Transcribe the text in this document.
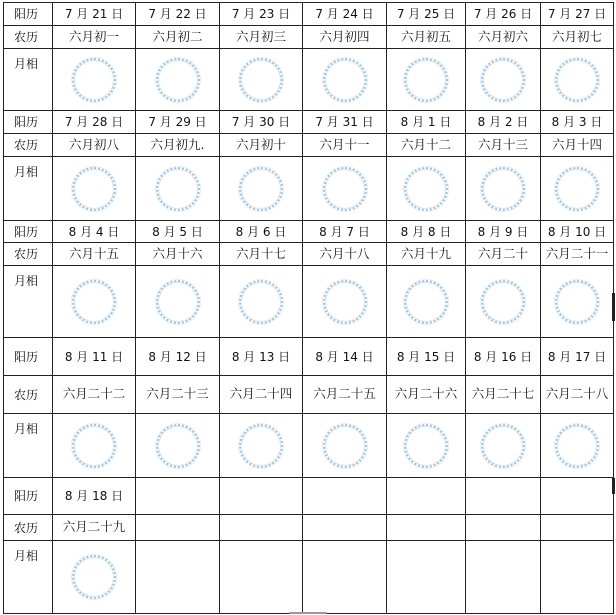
阳历	7 月 21 日	7 月 22 日	7 月 23 日	7 月 24 日	7 月 25 日	7 月 26 日	7 月 27 日
农历	六月初一	六月初二	六月初三	六月初四	六月初五	六月初六	六月初七
月相	

阳历	7 月 28 日	7 月 29 日	7 月 30 日	7 月 31 日	8 月 1 日	8 月 2 日	8 月 3 日
农历	六月初八	六月初九.	六月初十	六月十一	六月十二	六月十三	六月十四
月相	

阳历	8 月 4 日	8 月 5 日	8 月 6 日	8 月 7 日	8 月 8 日	8 月 9 日	8 月 10 日
农历	六月十五	六月十六	六月十七	六月十八	六月十九	六月二十	六月二十一
月相	

阳历	8 月 11 日	8 月 12 日	8 月 13 日	8 月 14 日	8 月 15 日	8 月 16 日	8 月 17 日
农历	六月二十二	六月二十三	六月二十四	六月二十五	六月二十六	六月二十七	六月二十八
月相	

阳历	8 月 18 日						
农历	六月二十九						
月相	
